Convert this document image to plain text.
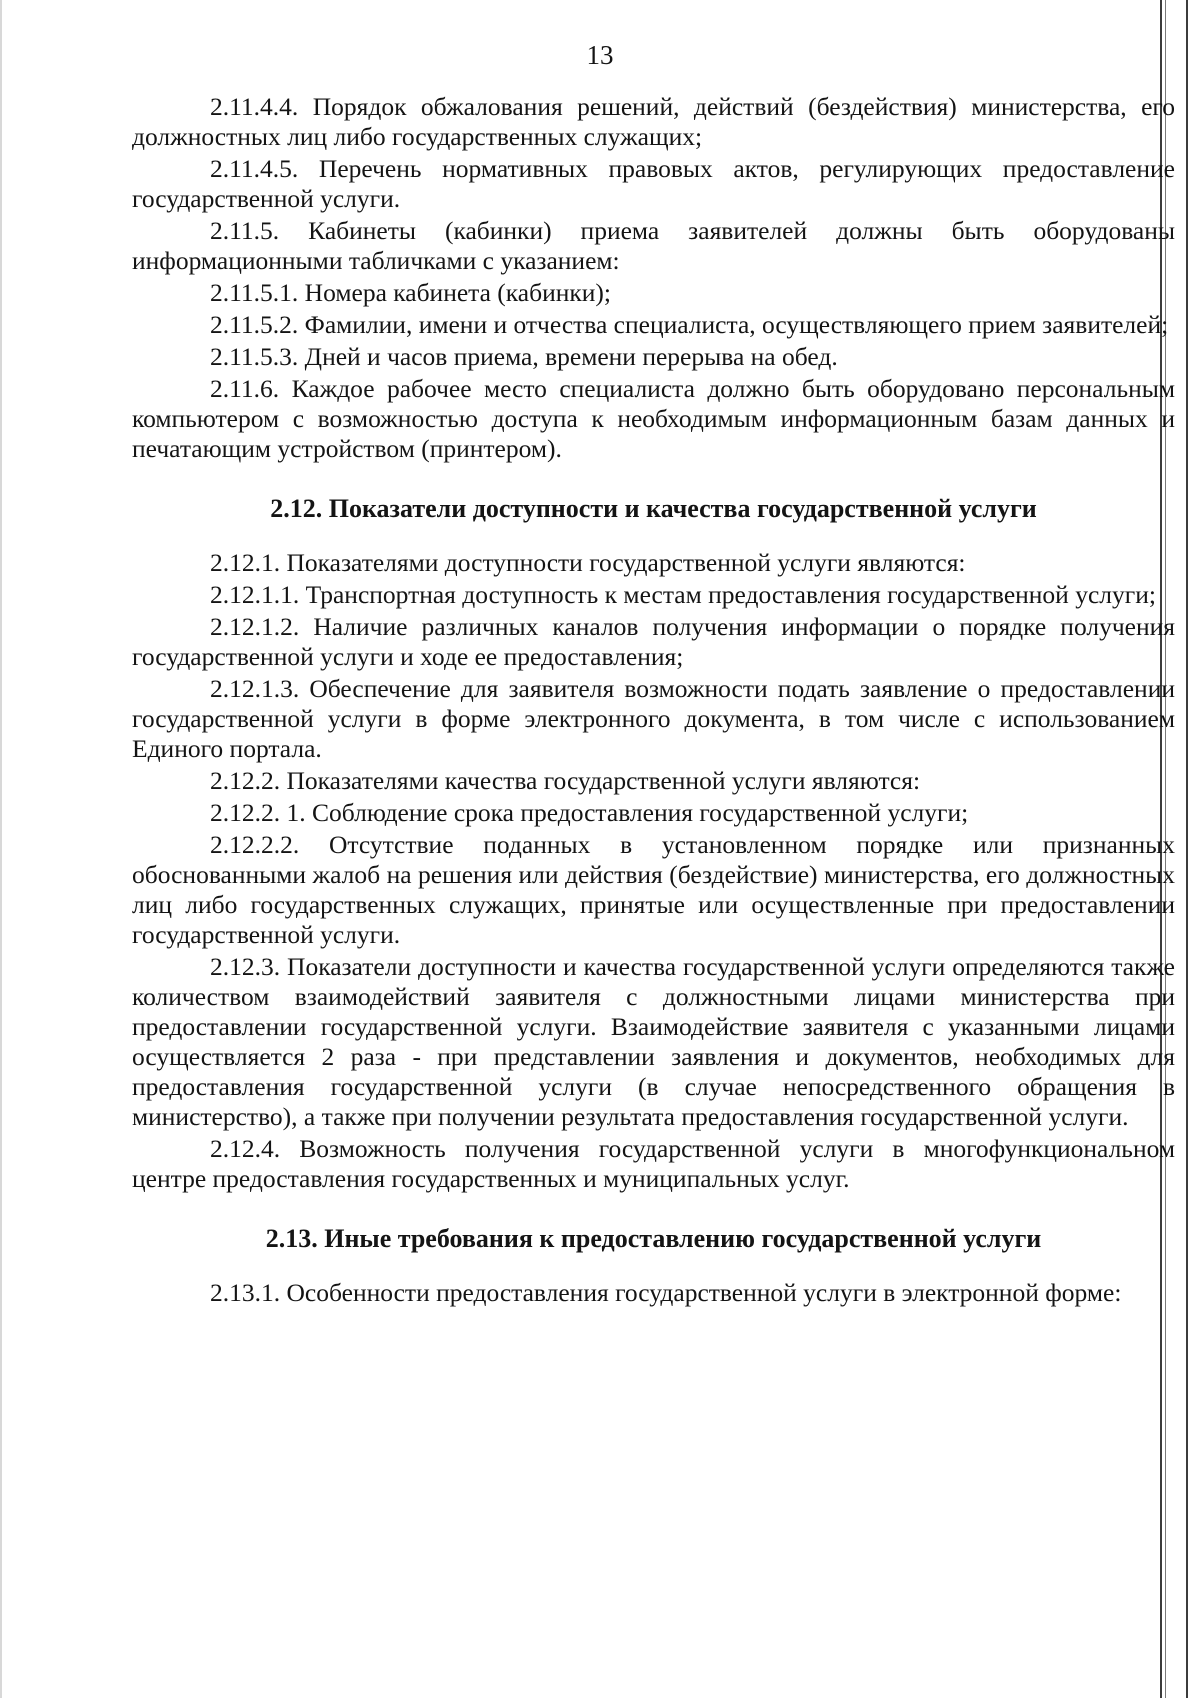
13

2.11.4.4. Порядок обжалования решений, действий (бездействия) министерства, его должностных лиц либо государственных служащих;

2.11.4.5. Перечень нормативных правовых актов, регулирующих предоставление государственной услуги.

2.11.5. Кабинеты (кабинки) приема заявителей должны быть оборудованы информационными табличками с указанием:

2.11.5.1. Номера кабинета (кабинки);

2.11.5.2. Фамилии, имени и отчества специалиста, осуществляющего прием заявителей;

2.11.5.3. Дней и часов приема, времени перерыва на обед.

2.11.6. Каждое рабочее место специалиста должно быть оборудовано персональным компьютером с возможностью доступа к необходимым информационным базам данных и печатающим устройством (принтером).

2.12. Показатели доступности и качества государственной услуги

2.12.1. Показателями доступности государственной услуги являются:

2.12.1.1. Транспортная доступность к местам предоставления государственной услуги;

2.12.1.2. Наличие различных каналов получения информации о порядке получения государственной услуги и ходе ее предоставления;

2.12.1.3. Обеспечение для заявителя возможности подать заявление о предоставлении государственной услуги в форме электронного документа, в том числе с использованием Единого портала.

2.12.2. Показателями качества государственной услуги являются:

2.12.2. 1. Соблюдение срока предоставления государственной услуги;

2.12.2.2. Отсутствие поданных в установленном порядке или признанных обоснованными жалоб на решения или действия (бездействие) министерства, его должностных лиц либо государственных служащих, принятые или осуществленные при предоставлении государственной услуги.

2.12.3. Показатели доступности и качества государственной услуги определяются также количеством взаимодействий заявителя с должностными лицами министерства при предоставлении государственной услуги. Взаимодействие заявителя с указанными лицами осуществляется 2 раза - при представлении заявления и документов, необходимых для предоставления государственной услуги (в случае непосредственного обращения в министерство), а также при получении результата предоставления государственной услуги.

2.12.4. Возможность получения государственной услуги в многофункциональном центре предоставления государственных и муниципальных услуг.

2.13. Иные требования к предоставлению государственной услуги

2.13.1. Особенности предоставления государственной услуги в электронной форме:
